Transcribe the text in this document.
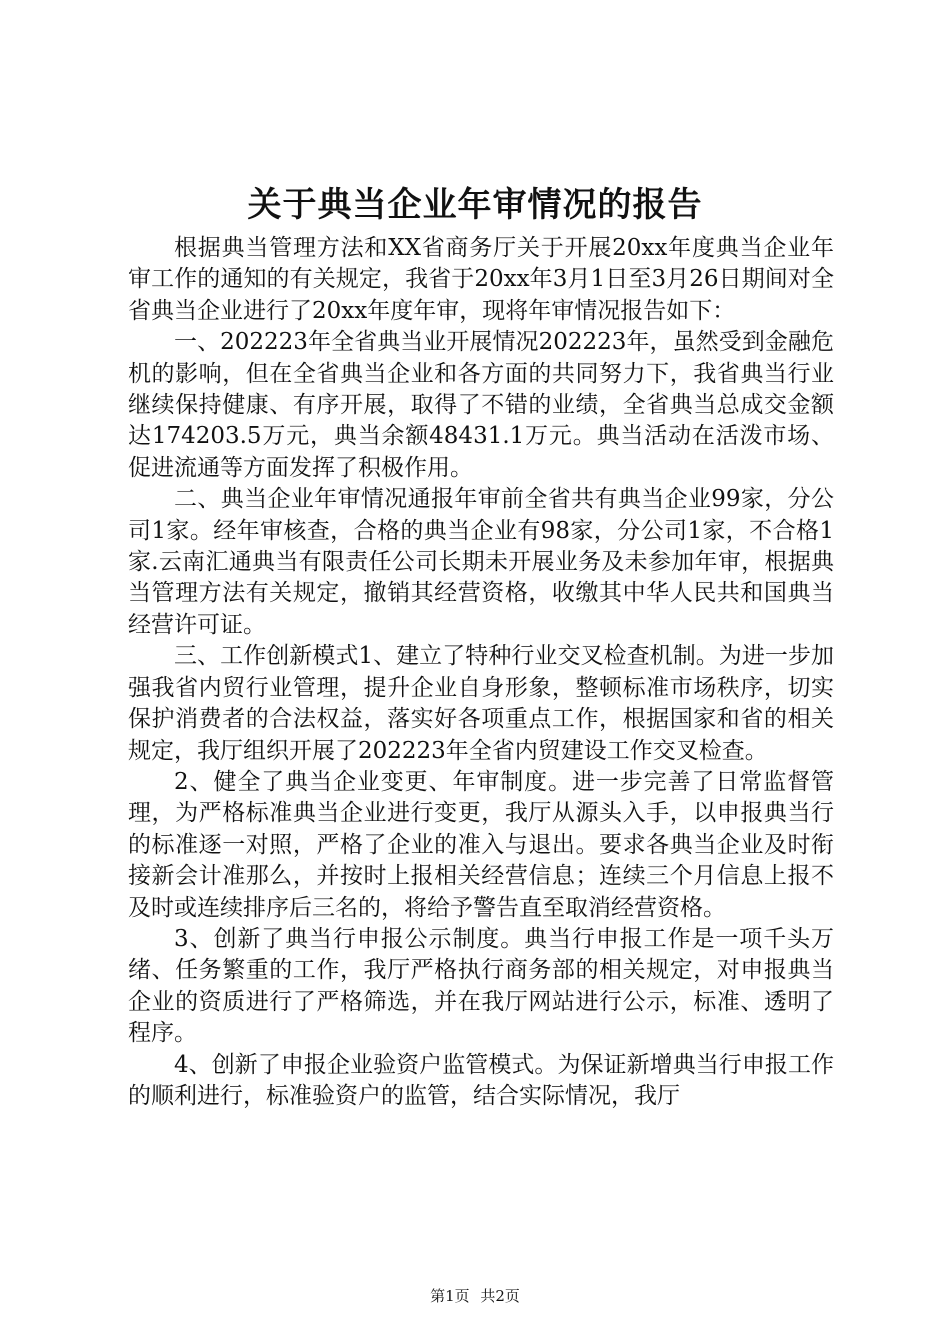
关于典当企业年审情况的报告

根据典当管理方法和XX省商务厅关于开展20xx年度典当企业年审工作的通知的有关规定，我省于20xx年3月1日至3月26日期间对全省典当企业进行了20xx年度年审，现将年审情况报告如下：

一、202223年全省典当业开展情况202223年，虽然受到金融危机的影响，但在全省典当企业和各方面的共同努力下，我省典当行业继续保持健康、有序开展，取得了不错的业绩，全省典当总成交金额达174203.5万元，典当余额48431.1万元。典当活动在活泼市场、促进流通等方面发挥了积极作用。

二、典当企业年审情况通报年审前全省共有典当企业99家，分公司1家。经年审核查，合格的典当企业有98家，分公司1家，不合格1家.云南汇通典当有限责任公司长期未开展业务及未参加年审，根据典当管理方法有关规定，撤销其经营资格，收缴其中华人民共和国典当经营许可证。

三、工作创新模式1、建立了特种行业交叉检查机制。为进一步加强我省内贸行业管理，提升企业自身形象，整顿标准市场秩序，切实保护消费者的合法权益，落实好各项重点工作，根据国家和省的相关规定，我厅组织开展了202223年全省内贸建设工作交叉检查。

2、健全了典当企业变更、年审制度。进一步完善了日常监督管理，为严格标准典当企业进行变更，我厅从源头入手，以申报典当行的标准逐一对照，严格了企业的准入与退出。要求各典当企业及时衔接新会计准那么，并按时上报相关经营信息；连续三个月信息上报不及时或连续排序后三名的，将给予警告直至取消经营资格。

3、创新了典当行申报公示制度。典当行申报工作是一项千头万绪、任务繁重的工作，我厅严格执行商务部的相关规定，对申报典当企业的资质进行了严格筛选，并在我厅网站进行公示，标准、透明了程序。

4、创新了申报企业验资户监管模式。为保证新增典当行申报工作的顺利进行，标准验资户的监管，结合实际情况，我厅

第1页 共2页
